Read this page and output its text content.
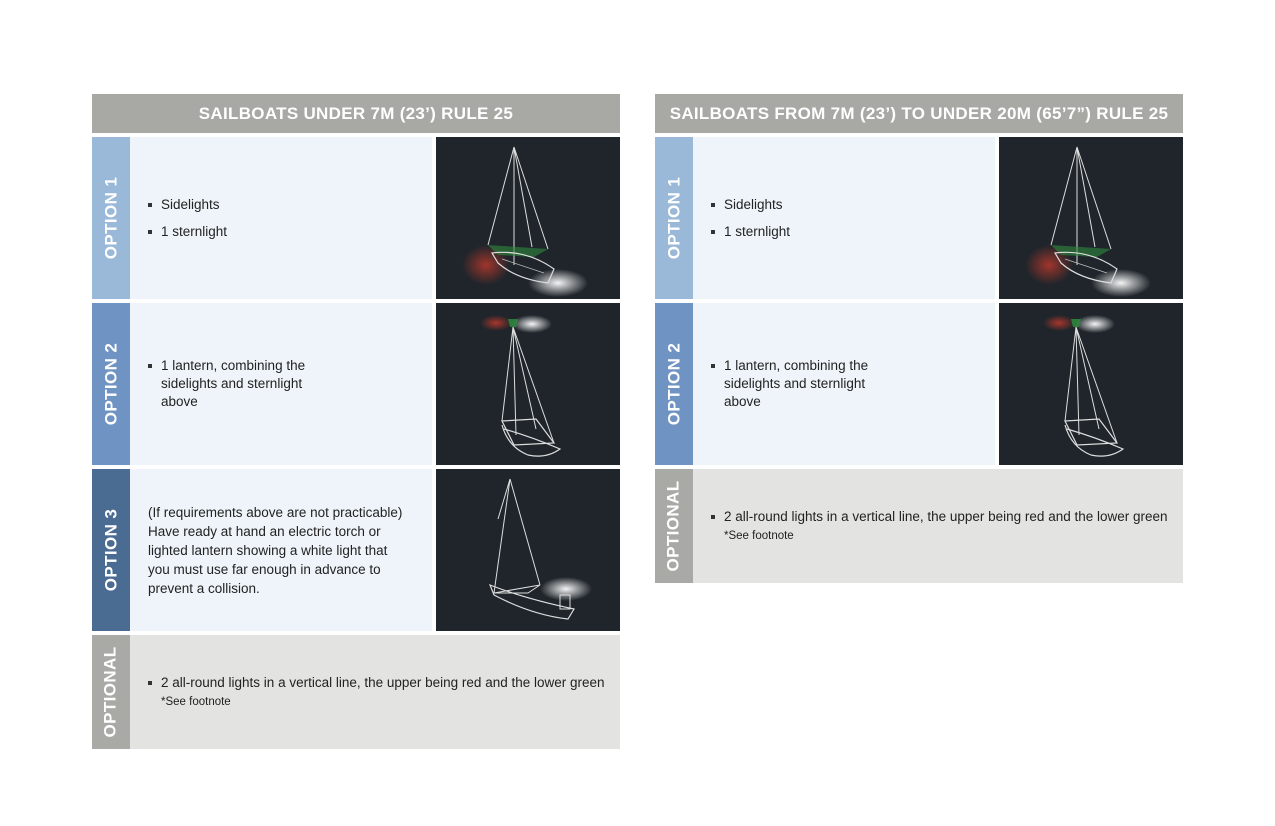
SAILBOATS UNDER 7M (23’) RULE 25
OPTION 1	Sidelights
1 sternlight
OPTION 2	1 lantern, combining the sidelights and sternlight above
OPTION 3 (If requirements above are not practicable) Have ready at hand an electric torch or lighted lantern showing a white light that you must use far enough in advance to prevent a collision.
OPTIONAL	2 all-round lights in a vertical line, the upper being red and the lower green
*See footnote
SAILBOATS FROM 7M (23’) TO UNDER 20M (65’7”) RULE 25
OPTION 1	Sidelights
1 sternlight
OPTION 2	1 lantern, combining the sidelights and sternlight above
OPTIONAL	2 all-round lights in a vertical line, the upper being red and the lower green
*See footnote
